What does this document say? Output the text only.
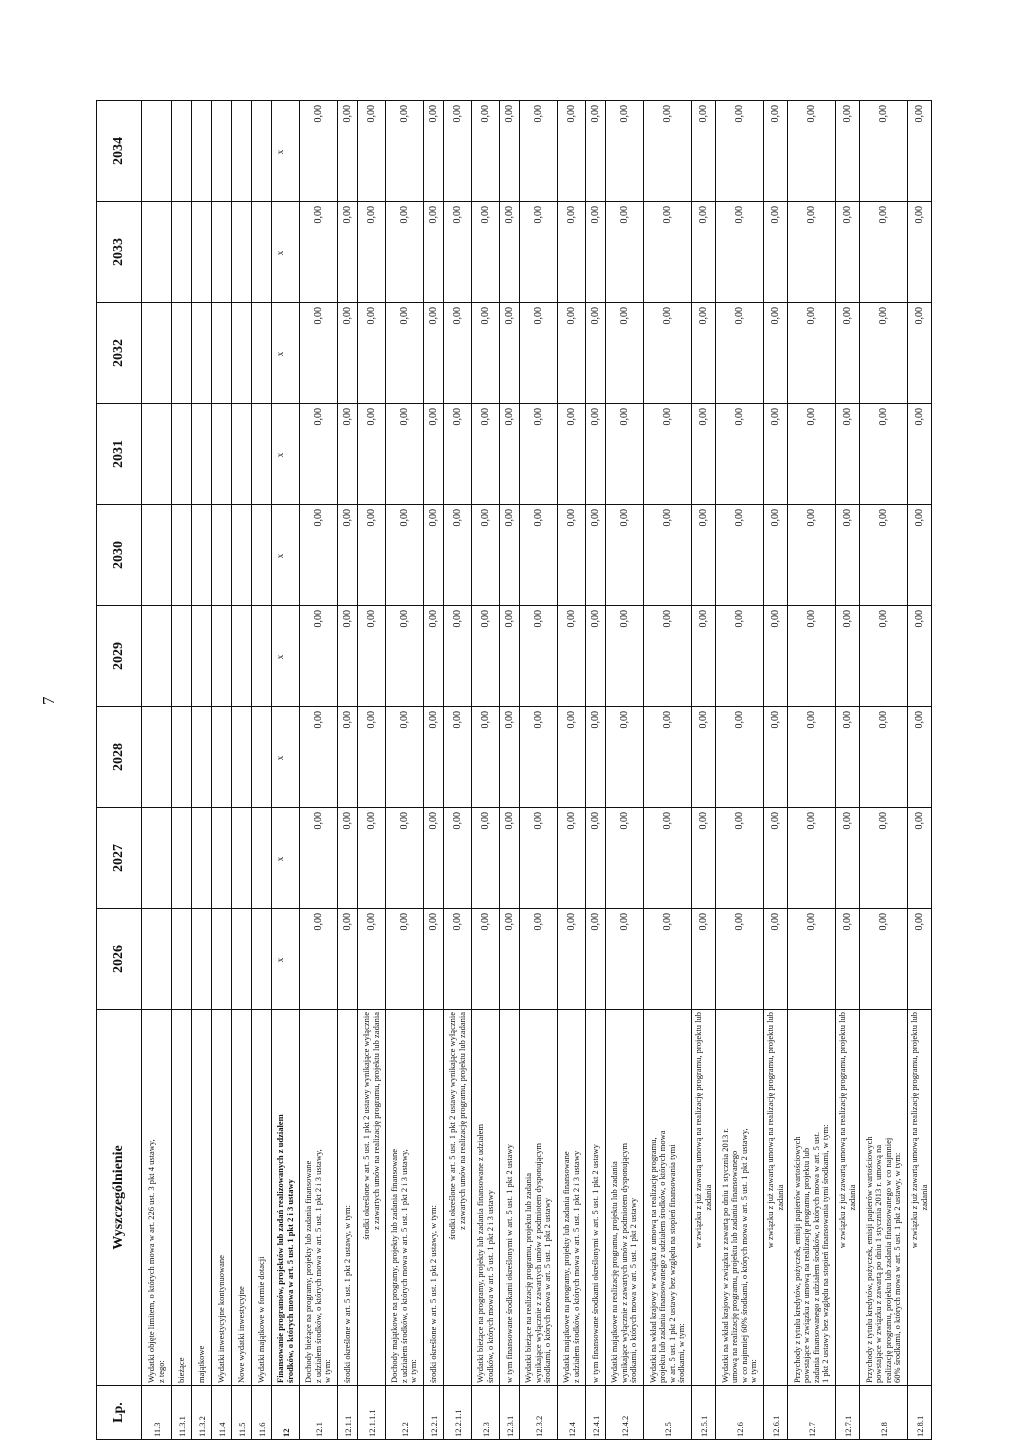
7
Lp.	Wyszczególnienie	2026	2027	2028	2029	2030	2031	2032	2033	2034
11.3	Wydatki objęte limitem, o których mowa w art. 226 ust. 3 pkt 4 ustawy, z tego:									

11.3.1	bieżące									

11.3.2	majątkowe									

11.4	Wydatki inwestycyjne kontynuowane									

11.5	Nowe wydatki inwestycyjne									

11.6	Wydatki majątkowe w formie dotacji									

12	Finansowanie programów, projektów lub zadań realizowanych z udziałem środków, o których mowa w art. 5 ust. 1 pkt 2 i 3 ustawy	x	x	x	x	x	x	x	x	x
12.1	Dochody bieżące na programy, projekty lub zadania finansowane z udziałem środków, o których mowa w art. 5 ust. 1 pkt 2 i 3 ustawy, w tym:	0,00	0,00	0,00	0,00	0,00	0,00	0,00	0,00	0,00
12.1.1	środki określone w art. 5 ust. 1 pkt 2 ustawy, w tym:	0,00	0,00	0,00	0,00	0,00	0,00	0,00	0,00	0,00
12.1.1.1	środki określone w art. 5 ust. 1 pkt 2 ustawy wynikające wyłącznie z zawartych umów na realizację programu, projektu lub zadania	0,00	0,00	0,00	0,00	0,00	0,00	0,00	0,00	0,00
12.2	Dochody majątkowe na programy, projekty lub zadania finansowane z udziałem środków, o których mowa w art. 5 ust. 1 pkt 2 i 3 ustawy, w tym:	0,00	0,00	0,00	0,00	0,00	0,00	0,00	0,00	0,00
12.2.1	środki określone w art. 5 ust. 1 pkt 2 ustawy, w tym:	0,00	0,00	0,00	0,00	0,00	0,00	0,00	0,00	0,00
12.2.1.1	środki określone w art. 5 ust. 1 pkt 2 ustawy wynikające wyłącznie z zawartych umów na realizację programu, projektu lub zadania	0,00	0,00	0,00	0,00	0,00	0,00	0,00	0,00	0,00
12.3	Wydatki bieżące na programy, projekty lub zadania finansowane z udziałem środków, o których mowa w art. 5 ust. 1 pkt 2 i 3 ustawy	0,00	0,00	0,00	0,00	0,00	0,00	0,00	0,00	0,00
12.3.1	w tym finansowane środkami określonymi w art. 5 ust. 1 pkt 2 ustawy	0,00	0,00	0,00	0,00	0,00	0,00	0,00	0,00	0,00
12.3.2	Wydatki bieżące na realizację programu, projektu lub zadania wynikające wyłącznie z zawartych umów z podmiotem dysponującym środkami, o których mowa w art. 5 ust. 1 pkt 2 ustawy	0,00	0,00	0,00	0,00	0,00	0,00	0,00	0,00	0,00
12.4	Wydatki majątkowe na programy, projekty lub zadania finansowane z udziałem środków, o których mowa w art. 5 ust. 1 pkt 2 i 3 ustawy	0,00	0,00	0,00	0,00	0,00	0,00	0,00	0,00	0,00
12.4.1	w tym finansowane środkami określonymi w art. 5 ust. 1 pkt 2 ustawy	0,00	0,00	0,00	0,00	0,00	0,00	0,00	0,00	0,00
12.4.2	Wydatki majątkowe na realizację programu, projektu lub zadania wynikające wyłącznie z zawartych umów z podmiotem dysponującym środkami, o których mowa w art. 5 ust. 1 pkt 2 ustawy	0,00	0,00	0,00	0,00	0,00	0,00	0,00	0,00	0,00
12.5	Wydatki na wkład krajowy w związku z umową na realizację programu, projektu lub zadania finansowanego z udziałem środków, o których mowa w art. 5 ust. 1 pkt 2 ustawy bez względu na stopień finansowania tymi środkami, w tym:	0,00	0,00	0,00	0,00	0,00	0,00	0,00	0,00	0,00
12.5.1	w związku z już zawartą umową na realizację programu, projektu lub zadania	0,00	0,00	0,00	0,00	0,00	0,00	0,00	0,00	0,00
12.6	Wydatki na wkład krajowy w związku z zawartą po dniu 1 stycznia 2013 r. umową na realizację programu, projektu lub zadania finansowanego w co najmniej 60% środkami, o których mowa w art. 5 ust. 1 pkt 2 ustawy, w tym:	0,00	0,00	0,00	0,00	0,00	0,00	0,00	0,00	0,00
12.6.1	w związku z już zawartą umową na realizację programu, projektu lub zadania	0,00	0,00	0,00	0,00	0,00	0,00	0,00	0,00	0,00
12.7	Przychody z tytułu kredytów, pożyczek, emisji papierów wartościowych powstające w związku z umową na realizację programu, projektu lub zadania finansowanego z udziałem środków, o których mowa w art. 5 ust. 1 pkt 2 ustawy bez względu na stopień finansowania tymi środkami, w tym:	0,00	0,00	0,00	0,00	0,00	0,00	0,00	0,00	0,00
12.7.1	w związku z już zawartą umową na realizację programu, projektu lub zadania	0,00	0,00	0,00	0,00	0,00	0,00	0,00	0,00	0,00
12.8	Przychody z tytułu kredytów, pożyczek, emisji papierów wartościowych powstające w związku z zawartą po dniu 1 stycznia 2013 r. umową na realizację programu, projektu lub zadania finansowanego w co najmniej 60% środkami, o których mowa w art. 5 ust. 1 pkt 2 ustawy, w tym:	0,00	0,00	0,00	0,00	0,00	0,00	0,00	0,00	0,00
12.8.1	w związku z już zawartą umową na realizację programu, projektu lub zadania	0,00	0,00	0,00	0,00	0,00	0,00	0,00	0,00	0,00
